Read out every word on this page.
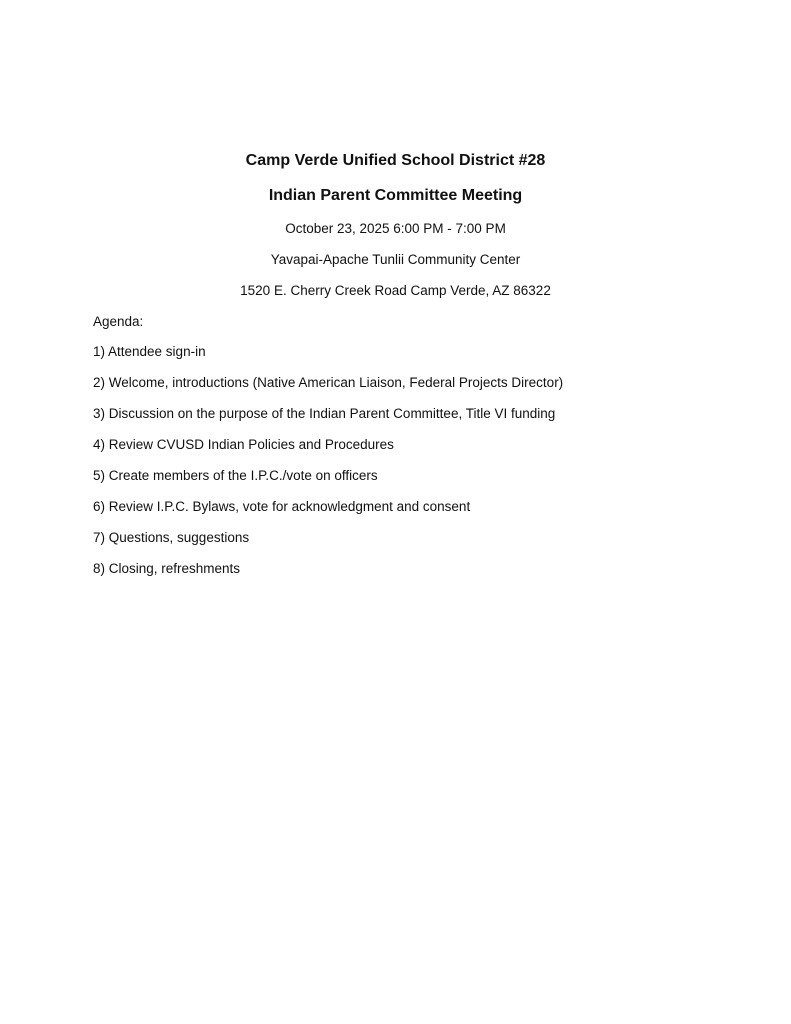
Camp Verde Unified School District #28
Indian Parent Committee Meeting
October 23, 2025 6:00 PM - 7:00 PM
Yavapai-Apache Tunlii Community Center
1520 E. Cherry Creek Road Camp Verde, AZ 86322
Agenda:
1) Attendee sign-in
2) Welcome, introductions (Native American Liaison, Federal Projects Director)
3) Discussion on the purpose of the Indian Parent Committee, Title VI funding
4) Review CVUSD Indian Policies and Procedures
5) Create members of the I.P.C./vote on officers
6) Review I.P.C. Bylaws, vote for acknowledgment and consent
7) Questions, suggestions
8) Closing, refreshments
